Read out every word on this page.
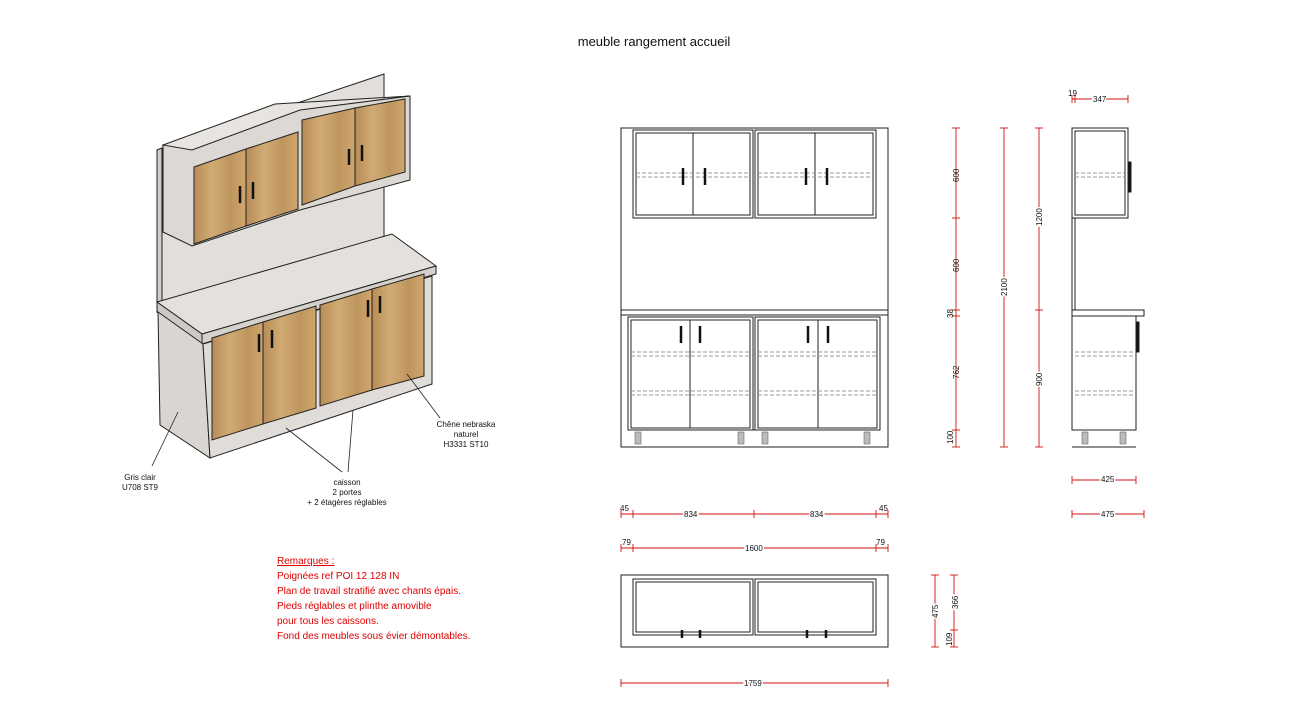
45
834	834
45
79
1600
79
1759
600
600
38
762
100
2100
1200
900
19
347
425
475
475
366
109
meuble rangement accueil
Gris clair
U708 ST9
Chêne nebraska
naturel
H3331 ST10
caisson
2 portes
+ 2 étagères réglables
Remarques :
Poignées ref POI 12 128 IN
Plan de travail stratifié avec chants épais.
Pieds réglables et plinthe amovible
pour tous les caissons.
Fond des meubles sous évier démontables.
